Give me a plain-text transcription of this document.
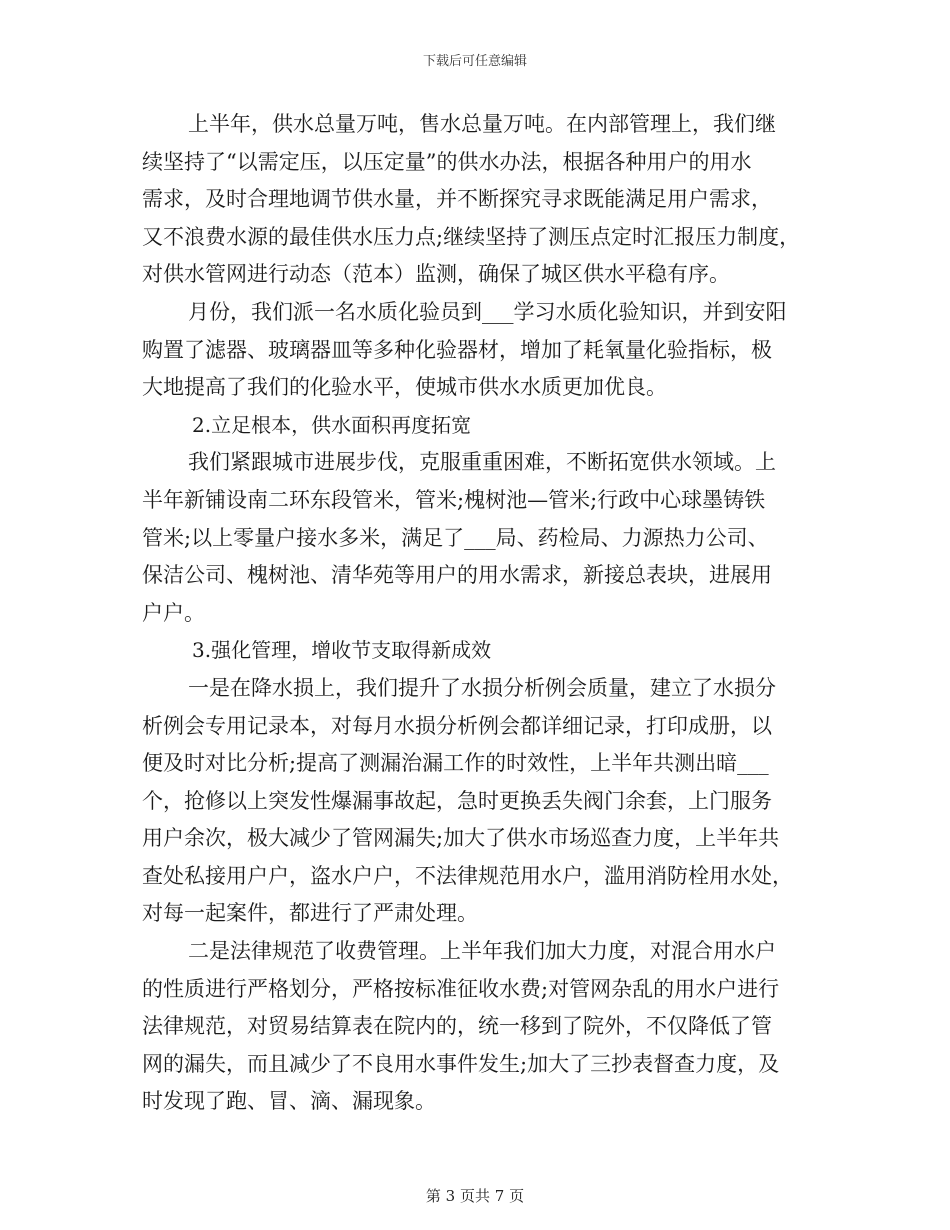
下载后可任意编辑
上半年，供水总量万吨，售水总量万吨。在内部管理上，我们继
续坚持了“以需定压，以压定量”的供水办法，根据各种用户的用水
需求，及时合理地调节供水量，并不断探究寻求既能满足用户需求，
又不浪费水源的最佳供水压力点;继续坚持了测压点定时汇报压力制度，
对供水管网进行动态（范本）监测，确保了城区供水平稳有序。
月份，我们派一名水质化验员到___学习水质化验知识，并到安阳
购置了滤器、玻璃器皿等多种化验器材，增加了耗氧量化验指标，极
大地提高了我们的化验水平，使城市供水水质更加优良。
2.立足根本，供水面积再度拓宽
我们紧跟城市进展步伐，克服重重困难，不断拓宽供水领域。上
半年新铺设南二环东段管米，管米;槐树池—管米;行政中心球墨铸铁
管米;以上零量户接水多米，满足了___局、药检局、力源热力公司、
保洁公司、槐树池、清华苑等用户的用水需求，新接总表块，进展用
户户。
3.强化管理，增收节支取得新成效
一是在降水损上，我们提升了水损分析例会质量，建立了水损分
析例会专用记录本，对每月水损分析例会都详细记录，打印成册，以
便及时对比分析;提高了测漏治漏工作的时效性，上半年共测出暗___
个，抢修以上突发性爆漏事故起，急时更换丢失阀门余套，上门服务
用户余次，极大减少了管网漏失;加大了供水市场巡查力度，上半年共
查处私接用户户，盗水户户，不法律规范用水户，滥用消防栓用水处，
对每一起案件，都进行了严肃处理。
二是法律规范了收费管理。上半年我们加大力度，对混合用水户
的性质进行严格划分，严格按标准征收水费;对管网杂乱的用水户进行
法律规范，对贸易结算表在院内的，统一移到了院外，不仅降低了管
网的漏失，而且减少了不良用水事件发生;加大了三抄表督查力度，及
时发现了跑、冒、滴、漏现象。
第 3 页共 7 页
